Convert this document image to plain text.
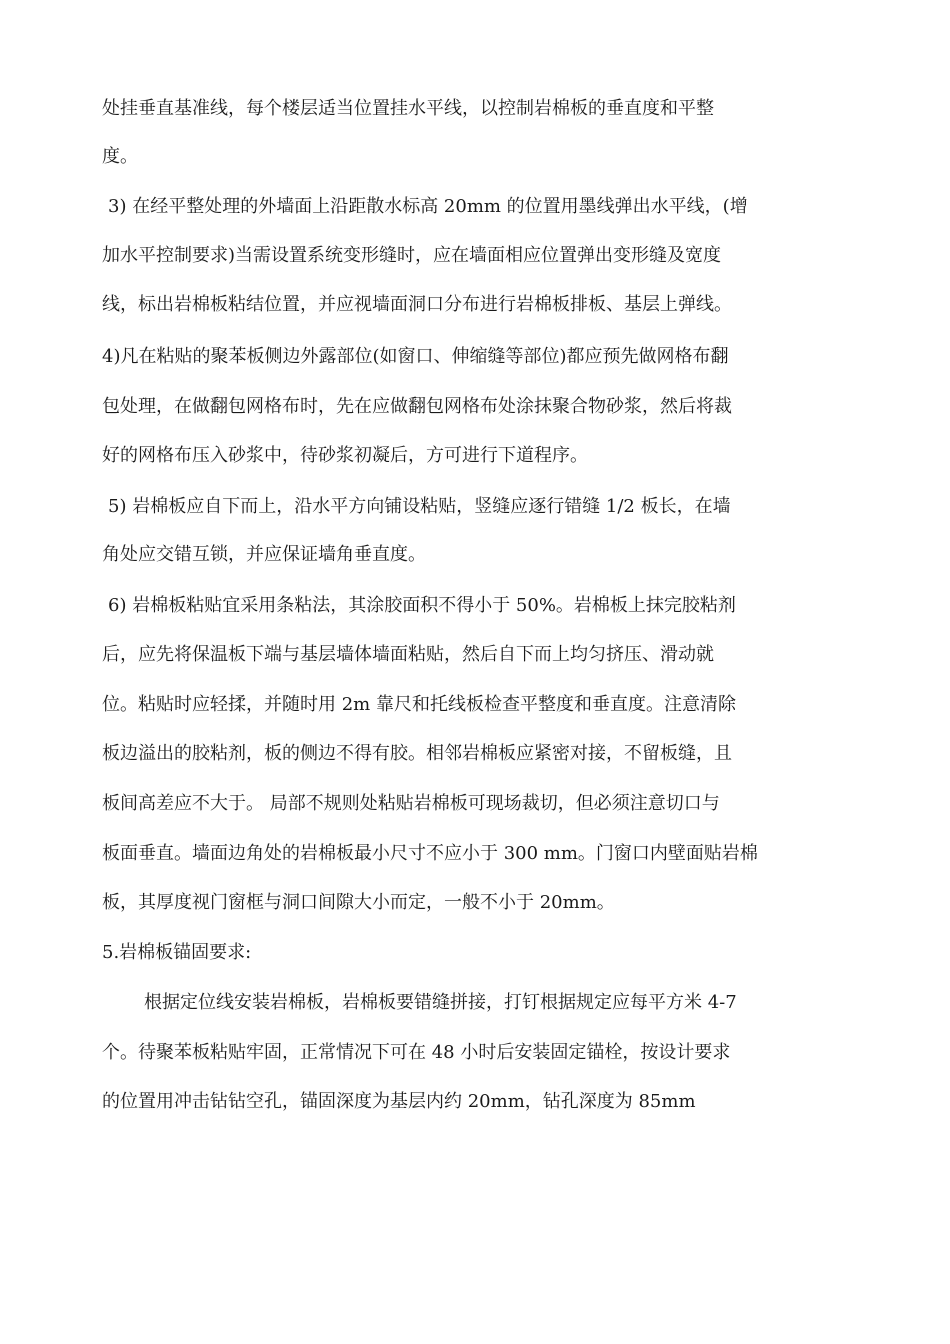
处挂垂直基准线，每个楼层适当位置挂水平线，以控制岩棉板的垂直度和平整
度。
3) 在经平整处理的外墙面上沿距散水标高 20mm 的位置用墨线弹出水平线，(增
加水平控制要求)当需设置系统变形缝时，应在墙面相应位置弹出变形缝及宽度
线，标出岩棉板粘结位置，并应视墙面洞口分布进行岩棉板排板、基层上弹线。
4)凡在粘贴的聚苯板侧边外露部位(如窗口、伸缩缝等部位)都应预先做网格布翻
包处理，在做翻包网格布时，先在应做翻包网格布处涂抹聚合物砂浆，然后将裁
好的网格布压入砂浆中，待砂浆初凝后，方可进行下道程序。
5) 岩棉板应自下而上，沿水平方向铺设粘贴，竖缝应逐行错缝 1/2 板长，在墙
角处应交错互锁，并应保证墙角垂直度。
6) 岩棉板粘贴宜采用条粘法，其涂胶面积不得小于 50%。岩棉板上抹完胶粘剂
后，应先将保温板下端与基层墙体墙面粘贴，然后自下而上均匀挤压、滑动就
位。粘贴时应轻揉，并随时用 2m 靠尺和托线板检查平整度和垂直度。注意清除
板边溢出的胶粘剂，板的侧边不得有胶。相邻岩棉板应紧密对接，不留板缝，且
板间高差应不大于。 局部不规则处粘贴岩棉板可现场裁切，但必须注意切口与
板面垂直。墙面边角处的岩棉板最小尺寸不应小于 300 mm。门窗口内壁面贴岩棉
板，其厚度视门窗框与洞口间隙大小而定，一般不小于 20mm。
5.岩棉板锚固要求:
根据定位线安装岩棉板，岩棉板要错缝拼接，打钉根据规定应每平方米 4-7
个。待聚苯板粘贴牢固，正常情况下可在 48 小时后安装固定锚栓，按设计要求
的位置用冲击钻钻空孔，锚固深度为基层内约 20mm，钻孔深度为 85mm
